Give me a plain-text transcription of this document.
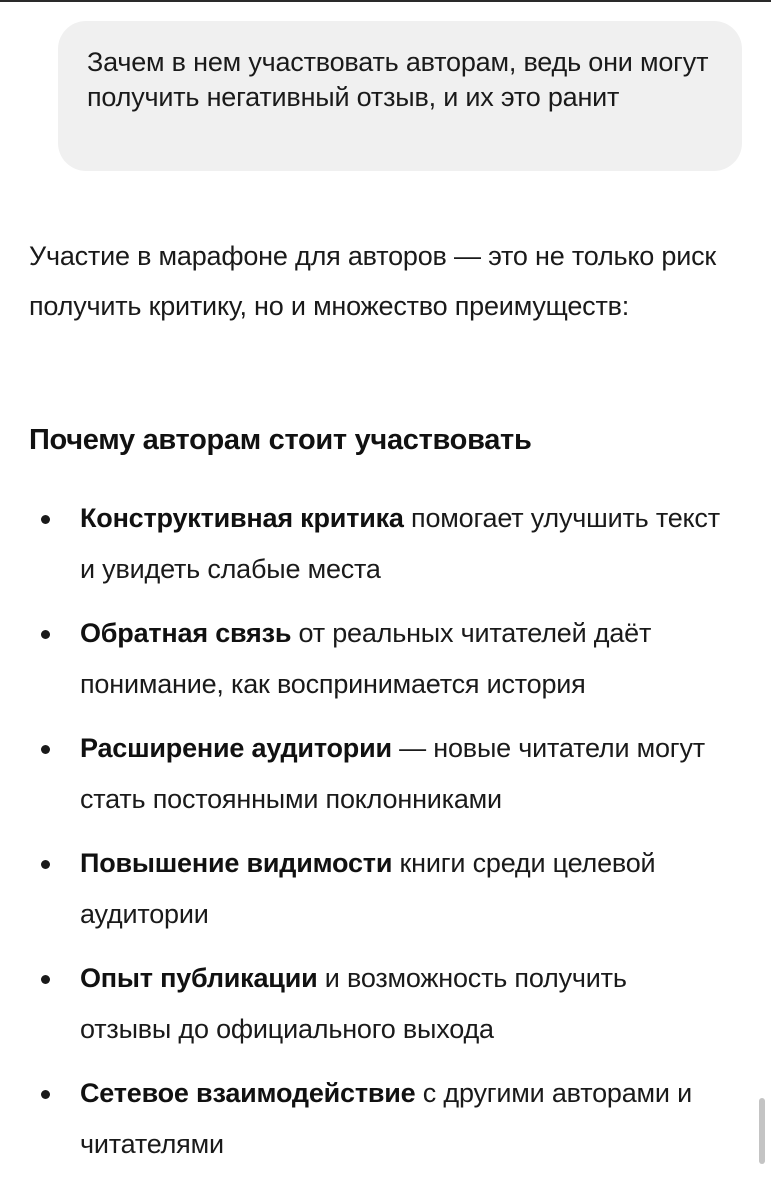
Зачем в нем участвовать авторам, ведь они могут получить негативный отзыв, и их это ранит
Участие в марафоне для авторов — это не только риск получить критику, но и множество преимуществ:
Почему авторам стоит участвовать
Конструктивная критика помогает улучшить текст и увидеть слабые места
Обратная связь от реальных читателей даёт понимание, как воспринимается история
Расширение аудитории — новые читатели могут стать постоянными поклонниками
Повышение видимости книги среди целевой аудитории
Опыт публикации и возможность получить отзывы до официального выхода
Сетевое взаимодействие с другими авторами и читателями
